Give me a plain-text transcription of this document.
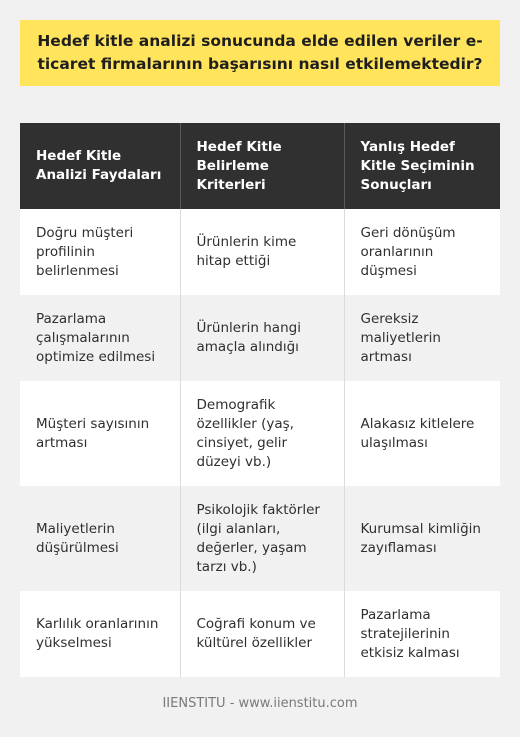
Hedef kitle analizi sonucunda elde edilen veriler e-ticaret firmalarının başarısını nasıl etkilemektedir?
Hedef Kitle Analizi Faydaları	Hedef Kitle Belirleme Kriterleri	Yanlış Hedef Kitle Seçiminin Sonuçları
Doğru müşteri profilinin belirlenmesi	Ürünlerin kime hitap ettiği	Geri dönüşüm oranlarının düşmesi
Pazarlama çalışmalarının optimize edilmesi	Ürünlerin hangi amaçla alındığı	Gereksiz maliyetlerin artması
Müşteri sayısının artması	Demografik özellikler (yaş, cinsiyet, gelir düzeyi vb.)	Alakasız kitlelere ulaşılması
Maliyetlerin düşürülmesi	Psikolojik faktörler (ilgi alanları, değerler, yaşam tarzı vb.)	Kurumsal kimliğin zayıflaması
Karlılık oranlarının yükselmesi	Coğrafi konum ve kültürel özellikler	Pazarlama stratejilerinin etkisiz kalması
IIENSTITU - www.iienstitu.com
